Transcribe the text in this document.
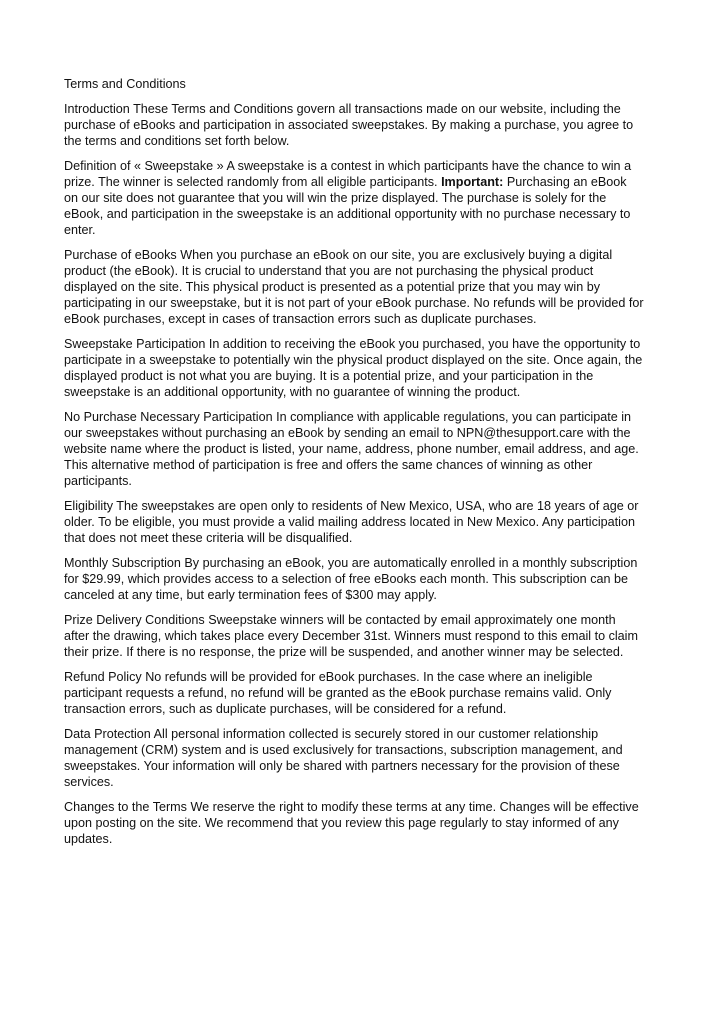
Terms and Conditions

Introduction These Terms and Conditions govern all transactions made on our website, including the purchase of eBooks and participation in associated sweepstakes. By making a purchase, you agree to the terms and conditions set forth below.

Definition of « Sweepstake » A sweepstake is a contest in which participants have the chance to win a prize. The winner is selected randomly from all eligible participants. Important: Purchasing an eBook on our site does not guarantee that you will win the prize displayed. The purchase is solely for the eBook, and participation in the sweepstake is an additional opportunity with no purchase necessary to enter.

Purchase of eBooks When you purchase an eBook on our site, you are exclusively buying a digital product (the eBook). It is crucial to understand that you are not purchasing the physical product displayed on the site. This physical product is presented as a potential prize that you may win by participating in our sweepstake, but it is not part of your eBook purchase. No refunds will be provided for eBook purchases, except in cases of transaction errors such as duplicate purchases.

Sweepstake Participation In addition to receiving the eBook you purchased, you have the opportunity to participate in a sweepstake to potentially win the physical product displayed on the site. Once again, the displayed product is not what you are buying. It is a potential prize, and your participation in the sweepstake is an additional opportunity, with no guarantee of winning the product.

No Purchase Necessary Participation In compliance with applicable regulations, you can participate in our sweepstakes without purchasing an eBook by sending an email to NPN@thesupport.care with the website name where the product is listed, your name, address, phone number, email address, and age. This alternative method of participation is free and offers the same chances of winning as other participants.

Eligibility The sweepstakes are open only to residents of New Mexico, USA, who are 18 years of age or older. To be eligible, you must provide a valid mailing address located in New Mexico. Any participation that does not meet these criteria will be disqualified.

Monthly Subscription By purchasing an eBook, you are automatically enrolled in a monthly subscription for $29.99, which provides access to a selection of free eBooks each month. This subscription can be canceled at any time, but early termination fees of $300 may apply.

Prize Delivery Conditions Sweepstake winners will be contacted by email approximately one month after the drawing, which takes place every December 31st. Winners must respond to this email to claim their prize. If there is no response, the prize will be suspended, and another winner may be selected.

Refund Policy No refunds will be provided for eBook purchases. In the case where an ineligible participant requests a refund, no refund will be granted as the eBook purchase remains valid. Only transaction errors, such as duplicate purchases, will be considered for a refund.

Data Protection All personal information collected is securely stored in our customer relationship management (CRM) system and is used exclusively for transactions, subscription management, and sweepstakes. Your information will only be shared with partners necessary for the provision of these services.

Changes to the Terms We reserve the right to modify these terms at any time. Changes will be effective upon posting on the site. We recommend that you review this page regularly to stay informed of any updates.
